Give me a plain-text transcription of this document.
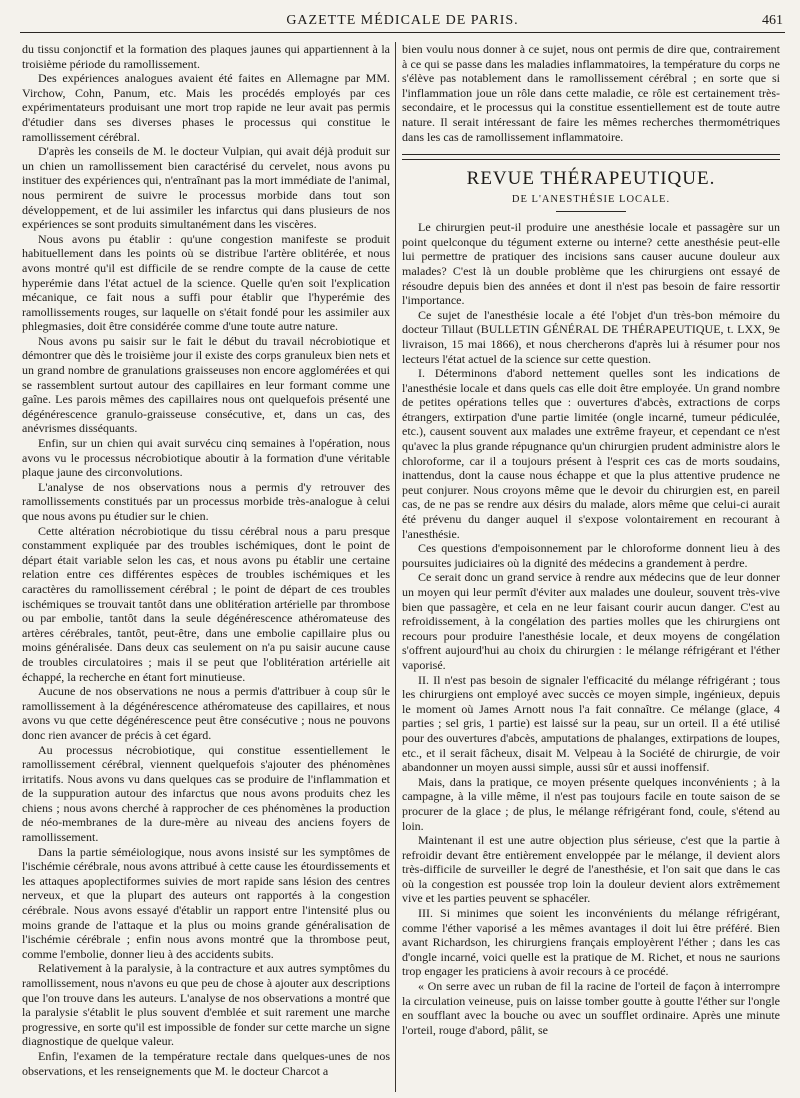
GAZETTE MÉDICALE DE PARIS.	461

du tissu conjonctif et la formation des plaques jaunes qui appartiennent à la troisième période du ramollissement.

Des expériences analogues avaient été faites en Allemagne par MM. Virchow, Cohn, Panum, etc. Mais les procédés employés par ces expérimentateurs produisant une mort trop rapide ne leur avait pas permis d'étudier dans ses diverses phases le processus qui constitue le ramollissement cérébral.

D'après les conseils de M. le docteur Vulpian, qui avait déjà produit sur un chien un ramollissement bien caractérisé du cervelet, nous avons pu instituer des expériences qui, n'entraînant pas la mort immédiate de l'animal, nous permirent de suivre le processus morbide dans tout son développement, et de lui assimiler les infarctus qui dans plusieurs de nos expériences se sont produits simultanément dans les viscères.

Nous avons pu établir : qu'une congestion manifeste se produit habituellement dans les points où se distribue l'artère oblitérée, et nous avons montré qu'il est difficile de se rendre compte de la cause de cette hyperémie dans l'état actuel de la science. Quelle qu'en soit l'explication mécanique, ce fait nous a suffi pour établir que l'hyperémie des ramollissements rouges, sur laquelle on s'était fondé pour les assimiler aux phlegmasies, doit être considérée comme d'une toute autre nature.

Nous avons pu saisir sur le fait le début du travail nécrobiotique et démontrer que dès le troisième jour il existe des corps granuleux bien nets et un grand nombre de granulations graisseuses non encore agglomérées et qui se rassemblent surtout autour des capillaires en leur formant comme une gaîne. Les parois mêmes des capillaires nous ont quelquefois présenté une dégénérescence granulo-graisseuse consécutive, et, dans un cas, des anévrismes disséquants.

Enfin, sur un chien qui avait survécu cinq semaines à l'opération, nous avons vu le processus nécrobiotique aboutir à la formation d'une véritable plaque jaune des circonvolutions.

L'analyse de nos observations nous a permis d'y retrouver des ramollissements constitués par un processus morbide très-analogue à celui que nous avons pu étudier sur le chien.

Cette altération nécrobiotique du tissu cérébral nous a paru presque constamment expliquée par des troubles ischémiques, dont le point de départ était variable selon les cas, et nous avons pu établir une certaine relation entre ces différentes espèces de troubles ischémiques et les caractères du ramollissement cérébral ; le point de départ de ces troubles ischémiques se trouvait tantôt dans une oblitération artérielle par thrombose ou par embolie, tantôt dans la seule dégénérescence athéromateuse des artères cérébrales, tantôt, peut-être, dans une embolie capillaire plus ou moins généralisée. Dans deux cas seulement on n'a pu saisir aucune cause de troubles circulatoires ; mais il se peut que l'oblitération artérielle ait échappé, la recherche en étant fort minutieuse.

Aucune de nos observations ne nous a permis d'attribuer à coup sûr le ramollissement à la dégénérescence athéromateuse des capillaires, et nous avons vu que cette dégénérescence peut être consécutive ; nous ne pouvons donc rien avancer de précis à cet égard.

Au processus nécrobiotique, qui constitue essentiellement le ramollissement cérébral, viennent quelquefois s'ajouter des phénomènes irritatifs. Nous avons vu dans quelques cas se produire de l'inflammation et de la suppuration autour des infarctus que nous avons produits chez les chiens ; nous avons cherché à rapprocher de ces phénomènes la production de néo-membranes de la dure-mère au niveau des anciens foyers de ramollissement.

Dans la partie séméiologique, nous avons insisté sur les symptômes de l'ischémie cérébrale, nous avons attribué à cette cause les étourdissements et les attaques apoplectiformes suivies de mort rapide sans lésion des centres nerveux, et que la plupart des auteurs ont rapportés à la congestion cérébrale. Nous avons essayé d'établir un rapport entre l'intensité plus ou moins grande de l'attaque et la plus ou moins grande généralisation de l'ischémie cérébrale ; enfin nous avons montré que la thrombose peut, comme l'embolie, donner lieu à des accidents subits.

Relativement à la paralysie, à la contracture et aux autres symptômes du ramollissement, nous n'avons eu que peu de chose à ajouter aux descriptions que l'on trouve dans les auteurs. L'analyse de nos observations a montré que la paralysie s'établit le plus souvent d'emblée et suit rarement une marche progressive, en sorte qu'il est impossible de fonder sur cette marche un signe diagnostique de quelque valeur.

Enfin, l'examen de la température rectale dans quelques-unes de nos observations, et les renseignements que M. le docteur Charcot a

bien voulu nous donner à ce sujet, nous ont permis de dire que, contrairement à ce qui se passe dans les maladies inflammatoires, la température du corps ne s'élève pas notablement dans le ramollissement cérébral ; en sorte que si l'inflammation joue un rôle dans cette maladie, ce rôle est certainement très-secondaire, et le processus qui la constitue essentiellement est de toute autre nature. Il serait intéressant de faire les mêmes recherches thermométriques dans les cas de ramollissement inflammatoire.

REVUE THÉRAPEUTIQUE.
DE L'ANESTHÉSIE LOCALE.

Le chirurgien peut-il produire une anesthésie locale et passagère sur un point quelconque du tégument externe ou interne? cette anesthésie peut-elle lui permettre de pratiquer des incisions sans causer aucune douleur aux malades? C'est là un double problème que les chirurgiens ont essayé de résoudre depuis bien des années et dont il n'est pas besoin de faire ressortir l'importance.

Ce sujet de l'anesthésie locale a été l'objet d'un très-bon mémoire du docteur Tillaut (BULLETIN GÉNÉRAL DE THÉRAPEUTIQUE, t. LXX, 9e livraison, 15 mai 1866), et nous chercherons d'après lui à résumer pour nos lecteurs l'état actuel de la science sur cette question.

I. Déterminons d'abord nettement quelles sont les indications de l'anesthésie locale et dans quels cas elle doit être employée. Un grand nombre de petites opérations telles que : ouvertures d'abcès, extractions de corps étrangers, extirpation d'une partie limitée (ongle incarné, tumeur pédiculée, etc.), causent souvent aux malades une extrême frayeur, et cependant ce n'est qu'avec la plus grande répugnance qu'un chirurgien prudent administre alors le chloroforme, car il a toujours présent à l'esprit ces cas de morts soudains, inattendus, dont la cause nous échappe et que la plus attentive prudence ne peut conjurer. Nous croyons même que le devoir du chirurgien est, en pareil cas, de ne pas se rendre aux désirs du malade, alors même que celui-ci aurait été prévenu du danger auquel il s'expose volontairement en recourant à l'anesthésie.

Ces questions d'empoisonnement par le chloroforme donnent lieu à des poursuites judiciaires où la dignité des médecins a grandement à perdre.

Ce serait donc un grand service à rendre aux médecins que de leur donner un moyen qui leur permît d'éviter aux malades une douleur, souvent très-vive bien que passagère, et cela en ne leur faisant courir aucun danger. C'est au refroidissement, à la congélation des parties molles que les chirurgiens ont recours pour produire l'anesthésie locale, et deux moyens de congélation s'offrent aujourd'hui au choix du chirurgien : le mélange réfrigérant et l'éther vaporisé.

II. Il n'est pas besoin de signaler l'efficacité du mélange réfrigérant ; tous les chirurgiens ont employé avec succès ce moyen simple, ingénieux, depuis le moment où James Arnott nous l'a fait connaître. Ce mélange (glace, 4 parties ; sel gris, 1 partie) est laissé sur la peau, sur un orteil. Il a été utilisé pour des ouvertures d'abcès, amputations de phalanges, extirpations de loupes, etc., et il serait fâcheux, disait M. Velpeau à la Société de chirurgie, de voir abandonner un moyen aussi simple, aussi sûr et aussi inoffensif.

Mais, dans la pratique, ce moyen présente quelques inconvénients ; à la campagne, à la ville même, il n'est pas toujours facile en toute saison de se procurer de la glace ; de plus, le mélange réfrigérant fond, coule, s'étend au loin.

Maintenant il est une autre objection plus sérieuse, c'est que la partie à refroidir devant être entièrement enveloppée par le mélange, il devient alors très-difficile de surveiller le degré de l'anesthésie, et l'on sait que dans le cas où la congestion est poussée trop loin la douleur devient alors extrêmement vive et les parties peuvent se sphacéler.

III. Si minimes que soient les inconvénients du mélange réfrigérant, comme l'éther vaporisé a les mêmes avantages il doit lui être préféré. Bien avant Richardson, les chirurgiens français employèrent l'éther ; dans les cas d'ongle incarné, voici quelle est la pratique de M. Richet, et nous ne saurions trop engager les praticiens à avoir recours à ce procédé.

« On serre avec un ruban de fil la racine de l'orteil de façon à interrompre la circulation veineuse, puis on laisse tomber goutte à goutte l'éther sur l'ongle en soufflant avec la bouche ou avec un soufflet ordinaire. Après une minute l'orteil, rouge d'abord, pâlit, se
